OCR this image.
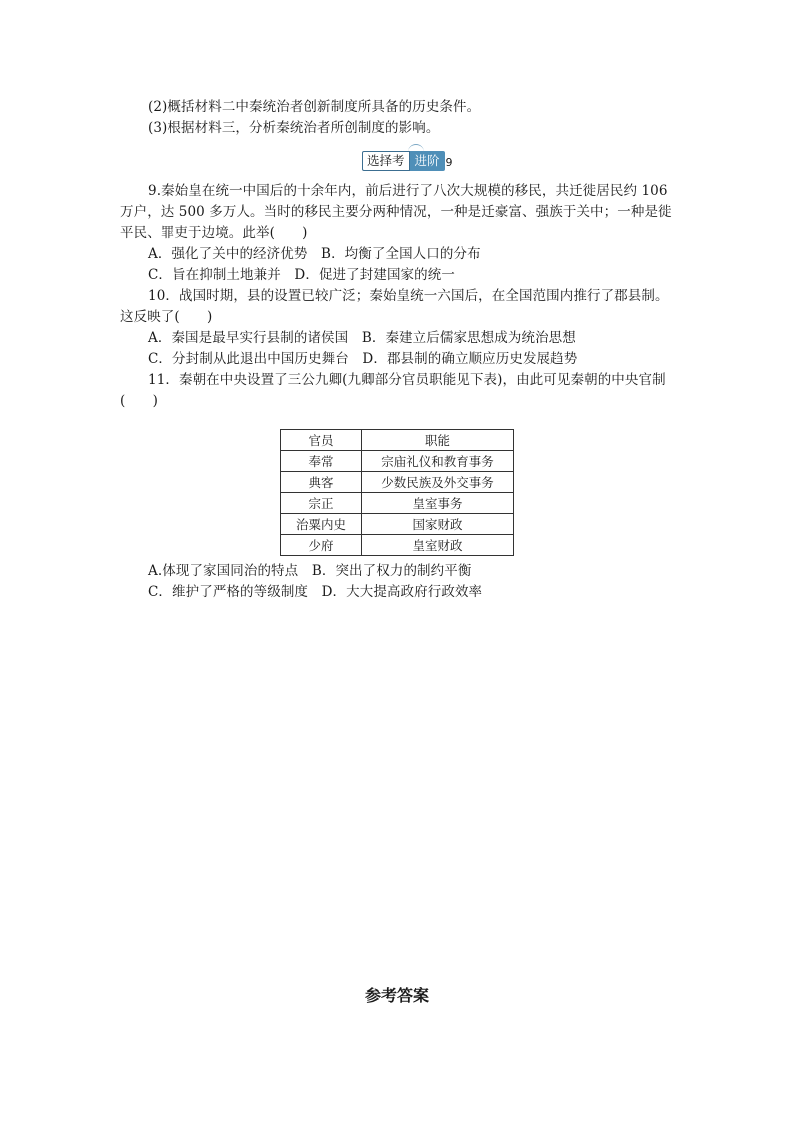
(2)概括材料二中秦统治者创新制度所具备的历史条件。
(3)根据材料三，分析秦统治者所创制度的影响。
选择考 进阶 9
9.秦始皇在统一中国后的十余年内，前后进行了八次大规模的移民，共迁徙居民约 106
万户，达 500 多万人。当时的移民主要分两种情况，一种是迁豪富、强族于关中；一种是徙
平民、罪吏于边境。此举(　　)
A．强化了关中的经济优势　B．均衡了全国人口的分布
C．旨在抑制土地兼并　D．促进了封建国家的统一
10．战国时期，县的设置已较广泛；秦始皇统一六国后，在全国范围内推行了郡县制。
这反映了(　　)
A．秦国是最早实行县制的诸侯国　B．秦建立后儒家思想成为统治思想
C．分封制从此退出中国历史舞台　D．郡县制的确立顺应历史发展趋势
11．秦朝在中央设置了三公九卿(九卿部分官员职能见下表)，由此可见秦朝的中央官制
(　　)
官员	职能
奉常	宗庙礼仪和教育事务
典客	少数民族及外交事务
宗正	皇室事务
治粟内史	国家财政
少府	皇室财政
A.体现了家国同治的特点　B．突出了权力的制约平衡
C．维护了严格的等级制度　D．大大提高政府行政效率
参考答案
